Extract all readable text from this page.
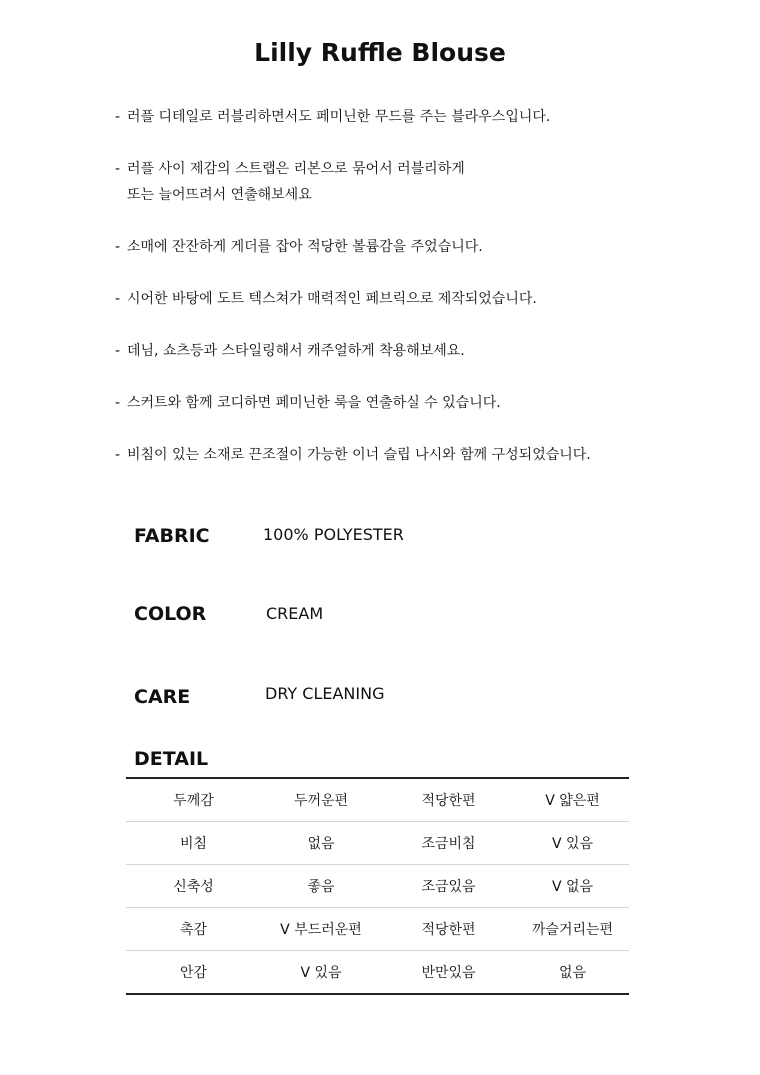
Lilly Ruffle Blouse
- 러플 디테일로 러블리하면서도 페미닌한 무드를 주는 블라우스입니다.
- 러플 사이 제감의 스트랩은 리본으로 묶어서 러블리하게
또는 늘어뜨려서 연출해보세요
- 소매에 잔잔하게 게더를 잡아 적당한 볼륨감을 주었습니다.
- 시어한 바탕에 도트 텍스쳐가 매력적인 페브릭으로 제작되었습니다.
- 데님, 쇼츠등과 스타일링해서 캐주얼하게 착용해보세요.
- 스커트와 함께 코디하면 페미닌한 룩을 연출하실 수 있습니다.
- 비침이 있는 소재로 끈조절이 가능한 이너 슬립 나시와 함께 구성되었습니다.
FABRIC	100% POLYESTER
COLOR	CREAM
CARE	DRY CLEANING
DETAIL
두께감	두꺼운편	적당한편	V 얇은편
비침	없음	조금비침	V 있음
신축성	좋음	조금있음	V 없음
촉감	V 부드러운편	적당한편	까슬거리는편
안감	V 있음	반만있음	없음
